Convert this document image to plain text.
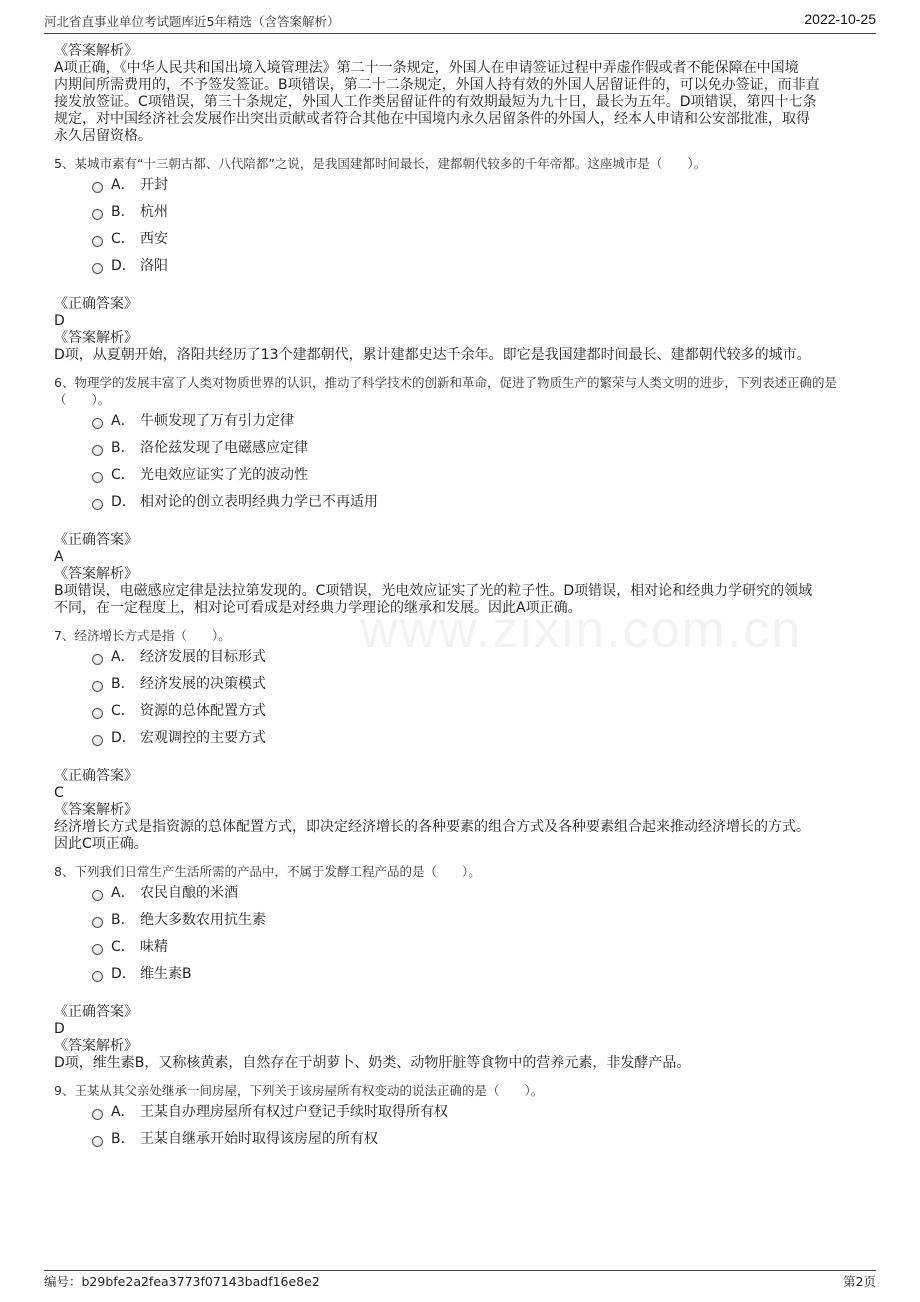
河北省直事业单位考试题库近5年精选（含答案解析）	2022-10-25
《答案解析》
A项正确，《中华人民共和国出境入境管理法》第二十一条规定，外国人在申请签证过程中弄虚作假或者不能保障在中国境
内期间所需费用的，不予签发签证。B项错误，第二十二条规定，外国人持有效的外国人居留证件的，可以免办签证，而非直
接发放签证。C项错误，第三十条规定，外国人工作类居留证件的有效期最短为九十日，最长为五年。D项错误，第四十七条
规定，对中国经济社会发展作出突出贡献或者符合其他在中国境内永久居留条件的外国人，经本人申请和公安部批准，取得
永久居留资格。
5、某城市素有“十三朝古都、八代陪都”之说，是我国建都时间最长，建都朝代较多的千年帝都。这座城市是（　　）。
A． 开封
B． 杭州
C． 西安
D． 洛阳
《正确答案》
D
《答案解析》
D项，从夏朝开始，洛阳共经历了13个建都朝代，累计建都史达千余年。即它是我国建都时间最长、建都朝代较多的城市。
6、物理学的发展丰富了人类对物质世界的认识，推动了科学技术的创新和革命，促进了物质生产的繁荣与人类文明的进步，下列表述正确的是
（　　）。
A． 牛顿发现了万有引力定律
B． 洛伦兹发现了电磁感应定律
C． 光电效应证实了光的波动性
D． 相对论的创立表明经典力学已不再适用
《正确答案》
A
《答案解析》
B项错误，电磁感应定律是法拉第发现的。C项错误，光电效应证实了光的粒子性。D项错误，相对论和经典力学研究的领域
不同，在一定程度上，相对论可看成是对经典力学理论的继承和发展。因此A项正确。
7、经济增长方式是指（　　）。
A． 经济发展的目标形式
B． 经济发展的决策模式
C． 资源的总体配置方式
D． 宏观调控的主要方式
《正确答案》
C
《答案解析》
经济增长方式是指资源的总体配置方式，即决定经济增长的各种要素的组合方式及各种要素组合起来推动经济增长的方式。
因此C项正确。
8、下列我们日常生产生活所需的产品中，不属于发酵工程产品的是（　　）。
A． 农民自酿的米酒
B． 绝大多数农用抗生素
C． 味精
D． 维生素B
《正确答案》
D
《答案解析》
D项，维生素B，又称核黄素，自然存在于胡萝卜、奶类、动物肝脏等食物中的营养元素，非发酵产品。
9、王某从其父亲处继承一间房屋，下列关于该房屋所有权变动的说法正确的是（　　）。
A． 王某自办理房屋所有权过户登记手续时取得所有权
B． 王某自继承开始时取得该房屋的所有权
编号：b29bfe2a2fea3773f07143badf16e8e2	第2页
